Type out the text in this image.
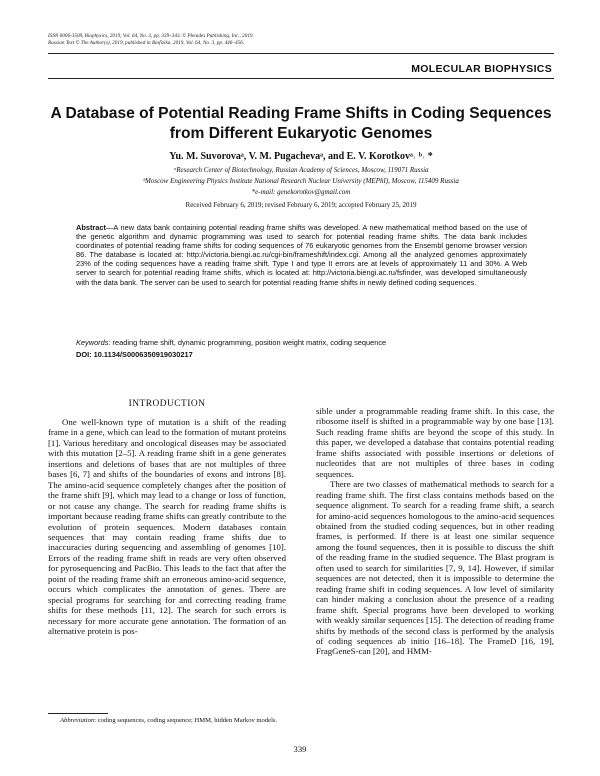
ISSN 0006-3509, Biophysics, 2019, Vol. 64, No. 3, pp. 339–343. © Pleiades Publishing, Inc., 2019.
Russian Text © The Author(s), 2019, published in Biofizika, 2019, Vol. 64, No. 3, pp. 446–456.
MOLECULAR BIOPHYSICS
A Database of Potential Reading Frame Shifts in Coding Sequences from Different Eukaryotic Genomes
Yu. M. Suvorovaᵃ, V. M. Pugachevaᵃ, and E. V. Korotkovᵃ˒ ᵇ˒ *
ᵃResearch Center of Biotechnology, Russian Academy of Sciences, Moscow, 119071 Russia
ᵇMoscow Engineering Physics Institute National Research Nuclear University (MEPhI), Moscow, 115409 Russia
*e-mail: genekorotkov@gmail.com
Received February 6, 2019; revised February 6, 2019; accepted February 25, 2019

Abstract—A new data bank containing potential reading frame shifts was developed. A new mathematical method based on the use of the genetic algorithm and dynamic programming was used to search for potential reading frame shifts. The data bank includes coordinates of potential reading frame shifts for coding sequences of 76 eukaryotic genomes from the Ensembl genome browser version 86. The database is located at: http://victoria.biengi.ac.ru/cgi-bin/frameshift/index.cgi. Among all the analyzed genomes approximately 23% of the coding sequences have a reading frame shift. Type I and type II errors are at levels of approximately 11 and 30%. A Web server to search for potential reading frame shifts, which is located at: http://victoria.biengi.ac.ru/fsfinder, was developed simultaneously with the data bank. The server can be used to search for potential reading frame shifts in newly defined coding sequences.

Keywords: reading frame shift, dynamic programming, position weight matrix, coding sequence

DOI: 10.1134/S0006350919030217
INTRODUCTION

One well-known type of mutation is a shift of the reading frame in a gene, which can lead to the formation of mutant proteins [1]. Various hereditary and oncological diseases may be associated with this mutation [2–5]. A reading frame shift in a gene generates insertions and deletions of bases that are not multiples of three bases [6, 7] and shifts of the boundaries of exons and introns [8]. The amino-acid sequence completely changes after the position of the frame shift [9], which may lead to a change or loss of function, or not cause any change. The search for reading frame shifts is important because reading frame shifts can greatly contribute to the evolution of protein sequences. Modern databases contain sequences that may contain reading frame shifts due to inaccuracies during sequencing and assembling of genomes [10]. Errors of the reading frame shift in reads are very often observed for pyrosequencing and PacBio. This leads to the fact that after the point of the reading frame shift an erroneous amino-acid sequence, occurs which complicates the annotation of genes. There are special programs for searching for and correcting reading frame shifts for these methods [11, 12]. The search for such errors is necessary for more accurate gene annotation. The formation of an alternative protein is pos-

sible under a programmable reading frame shift. In this case, the ribosome itself is shifted in a programmable way by one base [13]. Such reading frame shifts are beyond the scope of this study. In this paper, we developed a database that contains potential reading frame shifts associated with possible insertions or deletions of nucleotides that are not multiples of three bases in coding sequences.

There are two classes of mathematical methods to search for a reading frame shift. The first class contains methods based on the sequence alignment. To search for a reading frame shift, a search for amino-acid sequences homologous to the amino-acid sequences obtained from the studied coding sequences, but in other reading frames, is performed. If there is at least one similar sequence among the found sequences, then it is possible to discuss the shift of the reading frame in the studied sequence. The Blast program is often used to search for similarities [7, 9, 14]. However, if similar sequences are not detected, then it is impossible to determine the reading frame shift in coding sequences. A low level of similarity can hinder making a conclusion about the presence of a reading frame shift. Special programs have been developed to working with weakly similar sequences [15]. The detection of reading frame shifts by methods of the second class is performed by the analysis of coding sequences ab initio [16–18]. The FrameD [16, 19], FragGeneS-can [20], and HMM-

Abbreviation: coding sequences, coding sequence; HMM, hidden Markov models.

339
